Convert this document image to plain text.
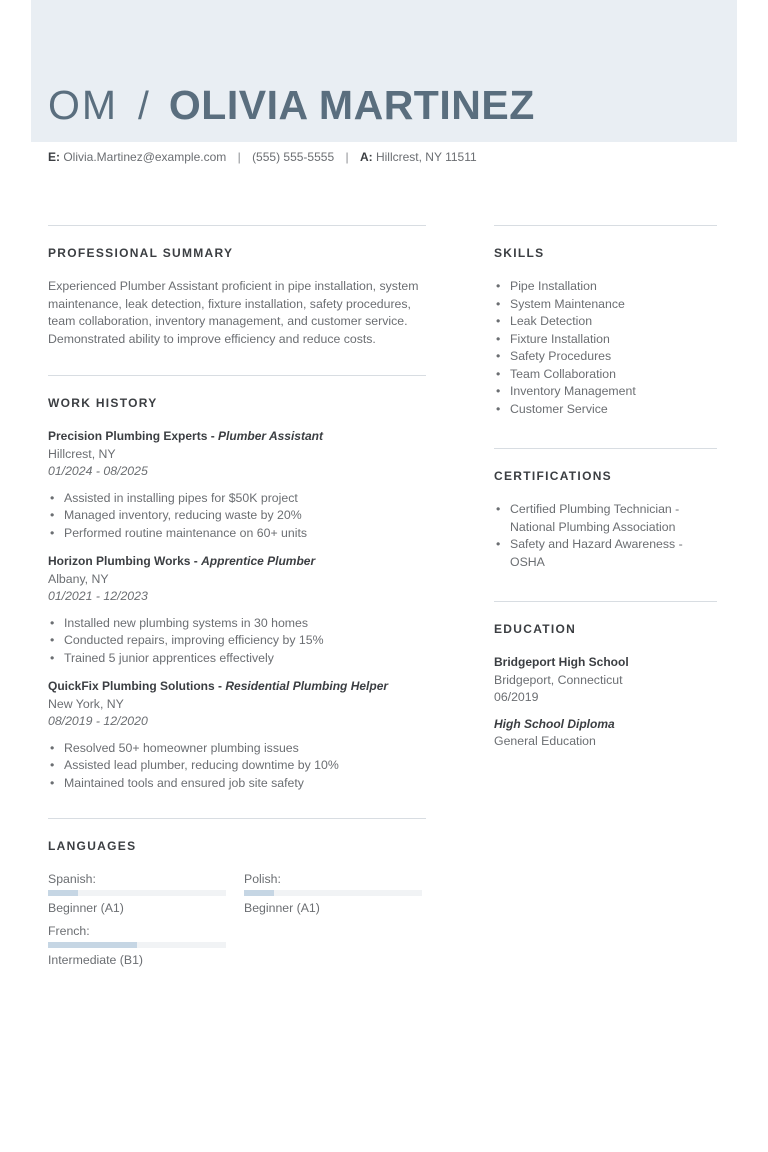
OM / OLIVIA MARTINEZ
E: Olivia.Martinez@example.com | (555) 555-5555 | A: Hillcrest, NY 11511
PROFESSIONAL SUMMARY

Experienced Plumber Assistant proficient in pipe installation, system maintenance, leak detection, fixture installation, safety procedures, team collaboration, inventory management, and customer service. Demonstrated ability to improve efficiency and reduce costs.

WORK HISTORY
Precision Plumbing Experts - Plumber Assistant
Hillcrest, NY
01/2024 - 08/2025
• Assisted in installing pipes for $50K project
• Managed inventory, reducing waste by 20%
• Performed routine maintenance on 60+ units
Horizon Plumbing Works - Apprentice Plumber
Albany, NY
01/2021 - 12/2023
• Installed new plumbing systems in 30 homes
• Conducted repairs, improving efficiency by 15%
• Trained 5 junior apprentices effectively
QuickFix Plumbing Solutions - Residential Plumbing Helper
New York, NY
08/2019 - 12/2020
• Resolved 50+ homeowner plumbing issues
• Assisted lead plumber, reducing downtime by 10%
• Maintained tools and ensured job site safety
LANGUAGES
Spanish:
Beginner (A1)
Polish:
Beginner (A1)
French:
Intermediate (B1)
SKILLS
• Pipe Installation
• System Maintenance
• Leak Detection
• Fixture Installation
• Safety Procedures
• Team Collaboration
• Inventory Management
• Customer Service
CERTIFICATIONS
• Certified Plumbing Technician - National Plumbing Association
• Safety and Hazard Awareness - OSHA
EDUCATION
Bridgeport High School
Bridgeport, Connecticut
06/2019
High School Diploma
General Education
